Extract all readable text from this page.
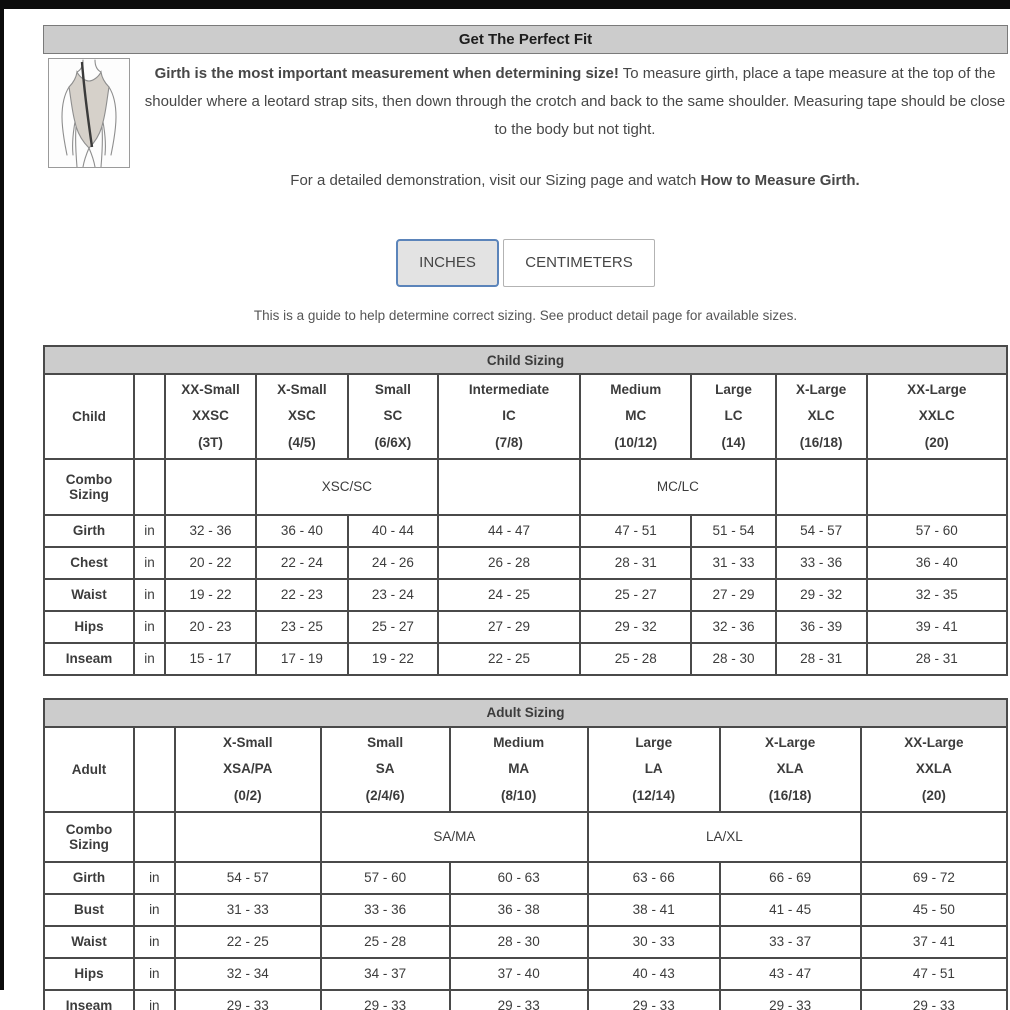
Get The Perfect Fit
Girth is the most important measurement when determining size! To measure girth, place a tape measure at the top of the shoulder where a leotard strap sits, then down through the crotch and back to the same shoulder. Measuring tape should be close to the body but not tight.
For a detailed demonstration, visit our Sizing page and watch How to Measure Girth.
INCHES	CENTIMETERS
This is a guide to help determine correct sizing. See product detail page for available sizes.
Child Sizing									
Child		XX-Small
XXSC
(3T)	X-Small
XSC
(4/5)	Small
SC
(6/6X)	Intermediate
IC
(7/8)	Medium
MC
(10/12)	Large
LC
(14)	X-Large
XLC
(16/18)	XX-Large
XXLC
(20)

Combo Sizing			XSC/SC			MC/LC			
Girth	in	32 - 36	36 - 40	40 - 44	44 - 47	47 - 51	51 - 54	54 - 57	57 - 60
Chest	in	20 - 22	22 - 24	24 - 26	26 - 28	28 - 31	31 - 33	33 - 36	36 - 40
Waist	in	19 - 22	22 - 23	23 - 24	24 - 25	25 - 27	27 - 29	29 - 32	32 - 35
Hips	in	20 - 23	23 - 25	25 - 27	27 - 29	29 - 32	32 - 36	36 - 39	39 - 41
Inseam	in	15 - 17	17 - 19	19 - 22	22 - 25	25 - 28	28 - 30	28 - 31	28 - 31
Adult Sizing							
Adult		X-Small
XSA/PA
(0/2)	Small
SA
(2/4/6)	Medium
MA
(8/10)	Large
LA
(12/14)	X-Large
XLA
(16/18)	XX-Large
XXLA
(20)

Combo Sizing			SA/MA		LA/XL		
Girth	in	54 - 57	57 - 60	60 - 63	63 - 66	66 - 69	69 - 72
Bust	in	31 - 33	33 - 36	36 - 38	38 - 41	41 - 45	45 - 50
Waist	in	22 - 25	25 - 28	28 - 30	30 - 33	33 - 37	37 - 41
Hips	in	32 - 34	34 - 37	37 - 40	40 - 43	43 - 47	47 - 51
Inseam	in	29 - 33	29 - 33	29 - 33	29 - 33	29 - 33	29 - 33
